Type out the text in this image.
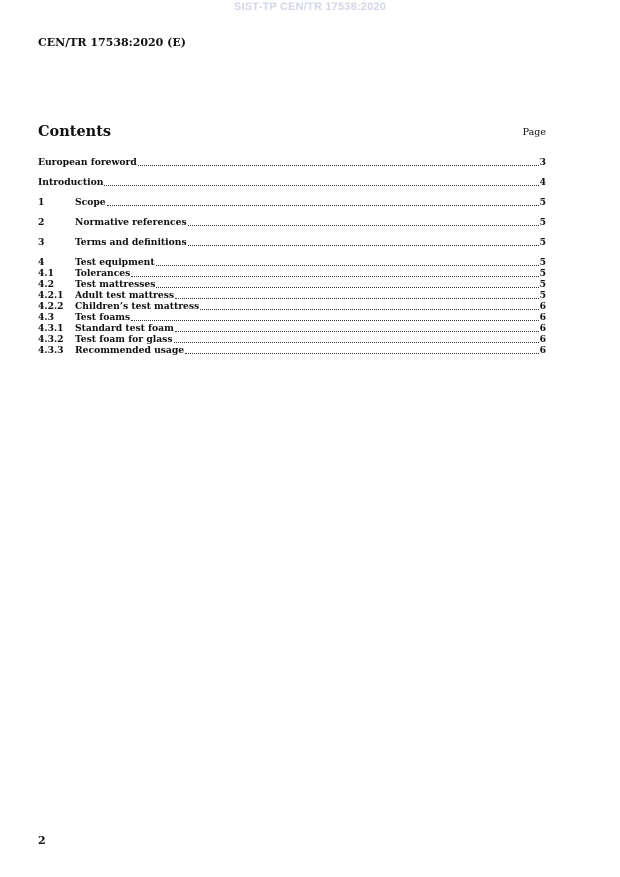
SIST-TP CEN/TR 17538:2020
CEN/TR 17538:2020 (E)
Contents	Page
European foreword	3
Introduction	4
1	Scope	5
2	Normative references	5
3	Terms and definitions	5
4	Test equipment	5
4.1	Tolerances	5
4.2	Test mattresses	5
4.2.1	Adult test mattress	5
4.2.2	Children’s test mattress	6
4.3	Test foams	6
4.3.1	Standard test foam	6
4.3.2	Test foam for glass	6
4.3.3	Recommended usage	6
2
